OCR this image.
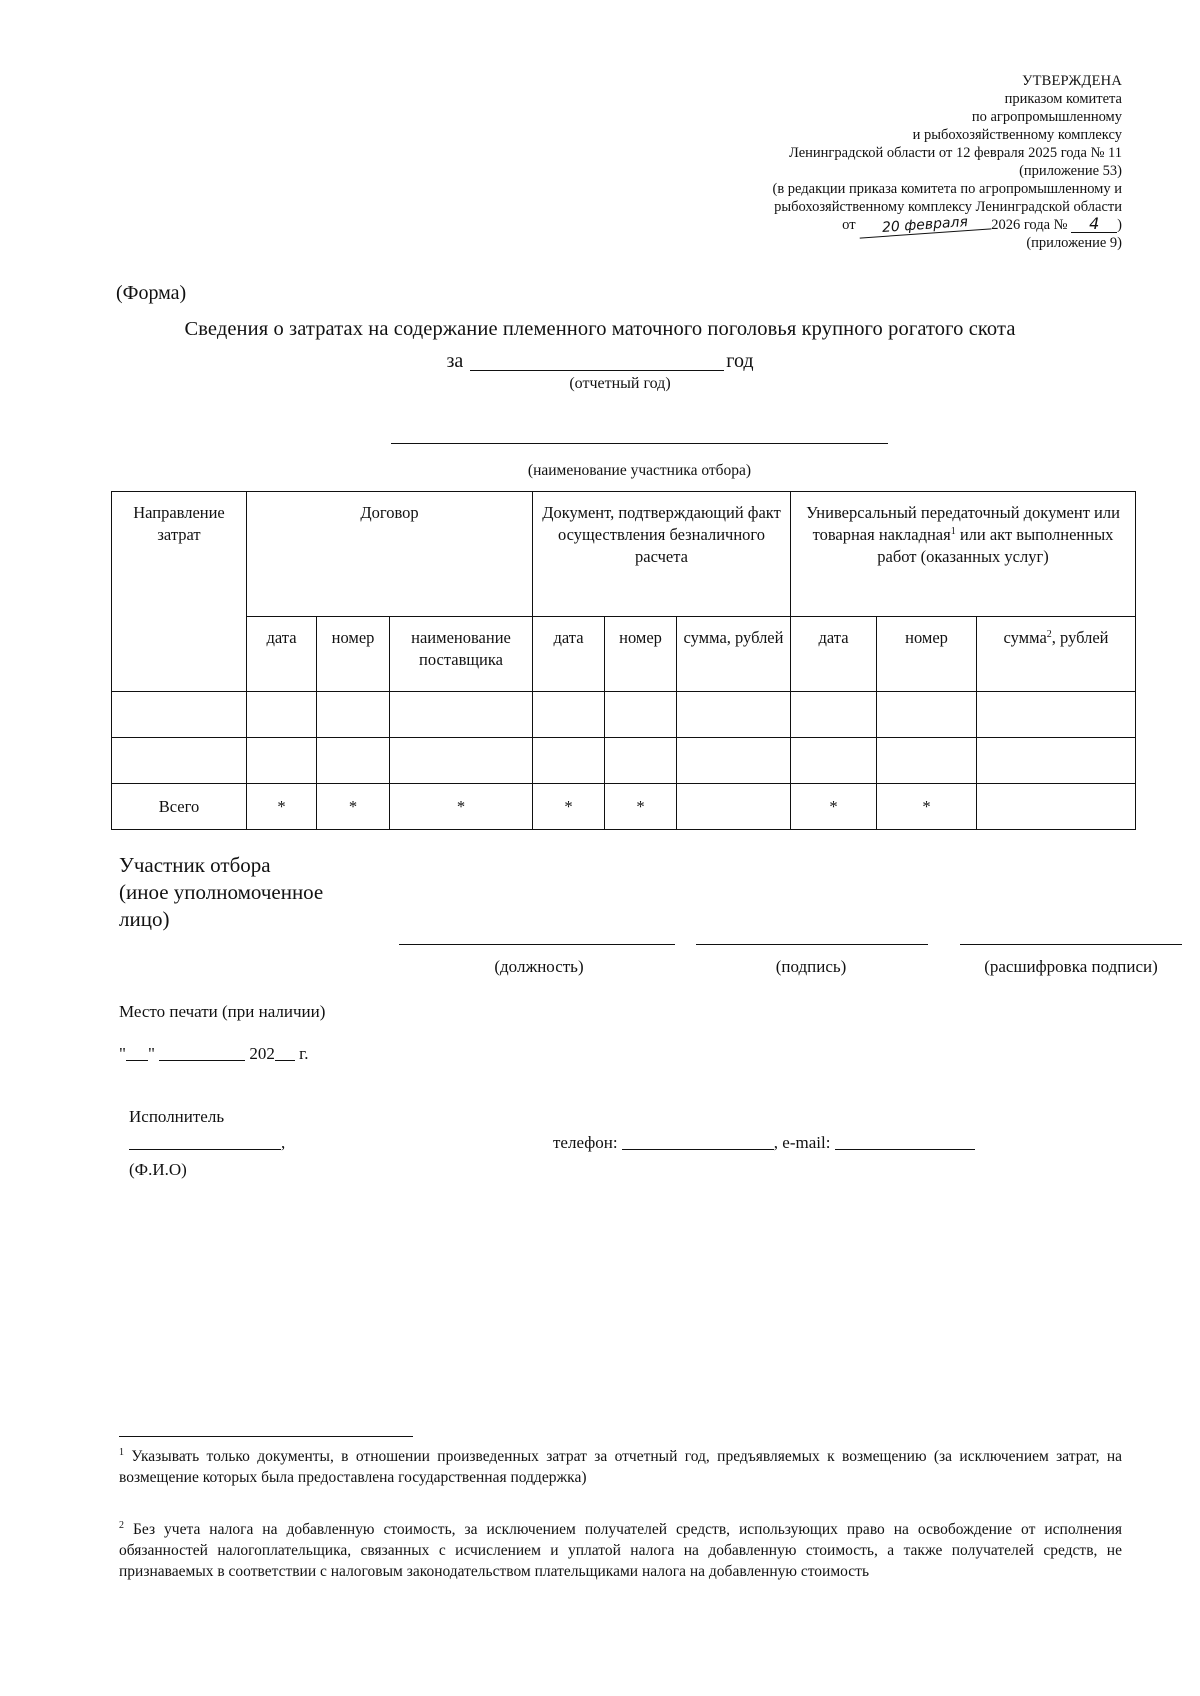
УТВЕРЖДЕНА
приказом комитета
по агропромышленному
и рыбохозяйственному комплексу
Ленинградской области от 12 февраля 2025 года № 11
(приложение 53)
(в редакции приказа комитета по агропромышленному и
рыбохозяйственному комплексу Ленинградской области
от 20 февраля 2026 года № 4 )
(приложение 9)
(Форма)
Сведения о затратах на содержание племенного маточного поголовья крупного рогатого скота
за	год
(отчетный год)
(наименование участника отбора)
Направление затрат	Договор			Документ, подтверждающий факт осуществления безналичного расчета			Универсальный передаточный документ или товарная накладная$^1$ или акт выполненных работ (оказанных услуг)		
	дата	номер	наименование поставщика	дата	номер	сумма, рублей	дата	номер	сумма$^2$, рублей

Всего	*	*	*	*	*		*	*	
Участник отбора
(иное уполномоченное
лицо)
(должность)	(подпись)	(расшифровка подписи)
Место печати (при наличии)
" "	202 г.
Исполнитель
,
(Ф.И.О)
телефон:	, e-mail:
$^1$ Указывать только документы, в отношении произведенных затрат за отчетный год, предъявляемых к возмещению (за исключением затрат, на возмещение которых была предоставлена государственная поддержка)
$^2$ Без учета налога на добавленную стоимость, за исключением получателей средств, использующих право на освобождение от исполнения обязанностей налогоплательщика, связанных с исчислением и уплатой налога на добавленную стоимость, а также получателей средств, не признаваемых в соответствии с налоговым законодательством плательщиками налога на добавленную стоимость
